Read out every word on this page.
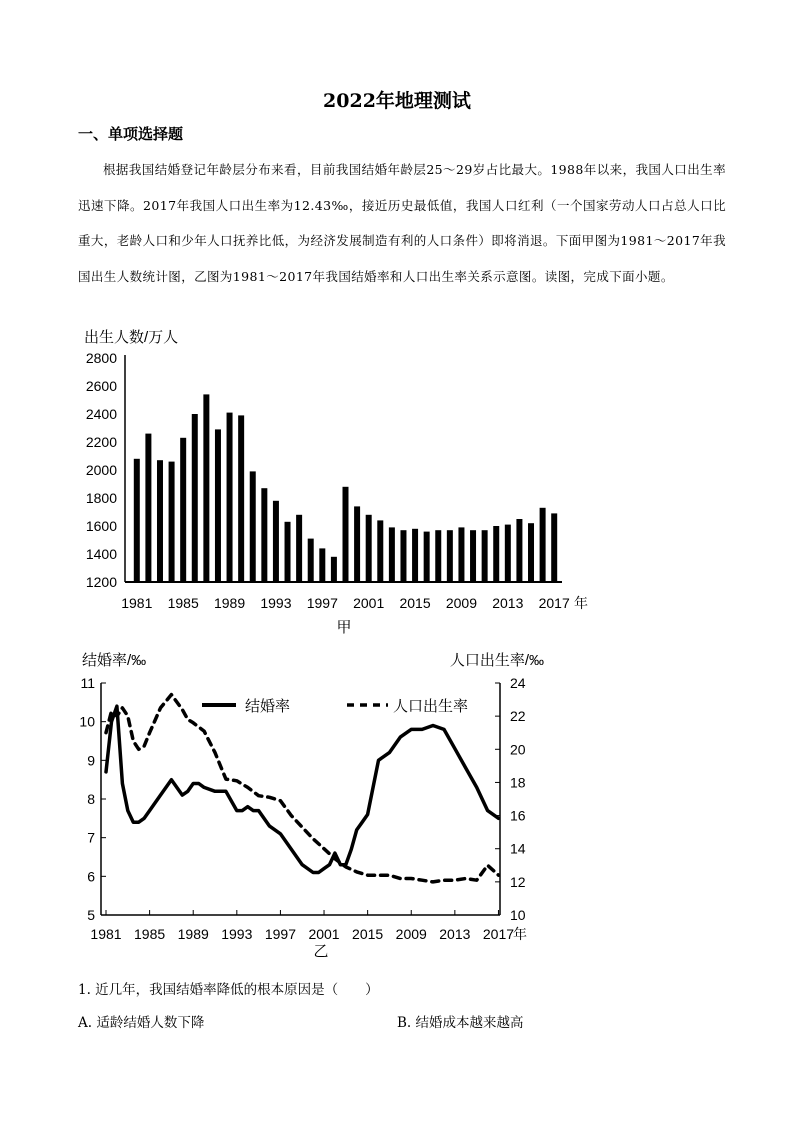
2022年地理测试
一、单项选择题
根据我国结婚登记年龄层分布来看，目前我国结婚年龄层25～29岁占比最大。1988年以来，我国人口出生率迅速下降。2017年我国人口出生率为12.43‰，接近历史最低值，我国人口红利（一个国家劳动人口占总人口比重大，老龄人口和少年人口抚养比低，为经济发展制造有利的人口条件）即将消退。下面甲图为1981～2017年我国出生人数统计图，乙图为1981～2017年我国结婚率和人口出生率关系示意图。读图，完成下面小题。
出生人数/万人
1200
1400
1600
1800
2000
2200
2400
2600
2800
1981 1985 1989 1993 1997 2001 2015 2009 2013 2017 年
甲
结婚率/‰	人口出生率/‰
5
6
7
8
9
10
11
10
12
14
16
18
20
22
24
1981 1985 1989 1993 1997 2001 2015 2009 2013 2017
结婚率	人口出生率
年
乙
1. 近几年，我国结婚率降低的根本原因是（　　）
A. 适龄结婚人数下降	B. 结婚成本越来越高
